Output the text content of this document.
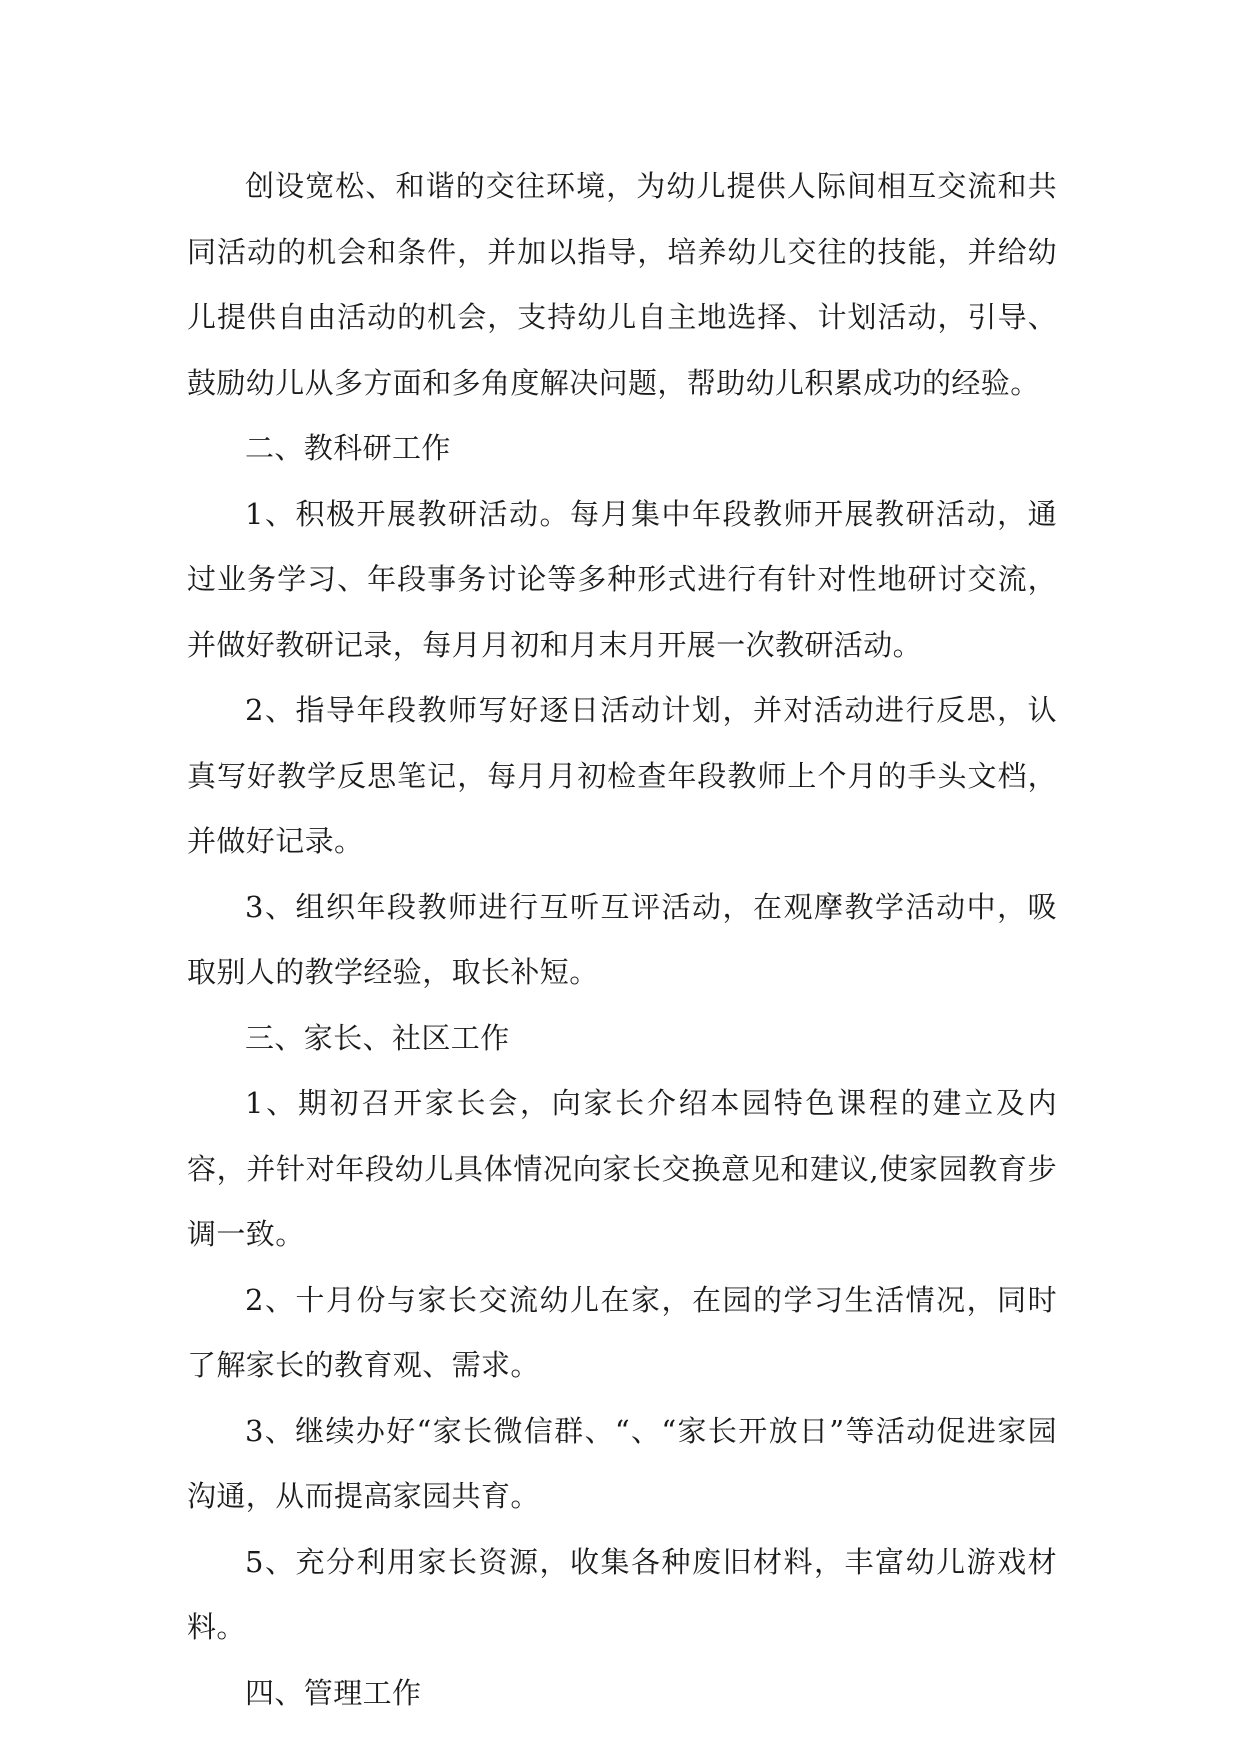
创设宽松、和谐的交往环境，为幼儿提供人际间相互交流和共同活动的机会和条件，并加以指导，培养幼儿交往的技能，并给幼儿提供自由活动的机会，支持幼儿自主地选择、计划活动，引导、鼓励幼儿从多方面和多角度解决问题，帮助幼儿积累成功的经验。

二、教科研工作

1、积极开展教研活动。每月集中年段教师开展教研活动，通过业务学习、年段事务讨论等多种形式进行有针对性地研讨交流，并做好教研记录，每月月初和月末月开展一次教研活动。

2、指导年段教师写好逐日活动计划，并对活动进行反思，认真写好教学反思笔记，每月月初检查年段教师上个月的手头文档，并做好记录。

3、组织年段教师进行互听互评活动，在观摩教学活动中，吸取别人的教学经验，取长补短。

三、家长、社区工作

1、期初召开家长会，向家长介绍本园特色课程的建立及内容，并针对年段幼儿具体情况向家长交换意见和建议,使家园教育步调一致。

2、十月份与家长交流幼儿在家，在园的学习生活情况，同时了解家长的教育观、需求。

3、继续办好“家长微信群、“、“家长开放日”等活动促进家园沟通，从而提高家园共育。

5、充分利用家长资源，收集各种废旧材料，丰富幼儿游戏材料。

四、管理工作
